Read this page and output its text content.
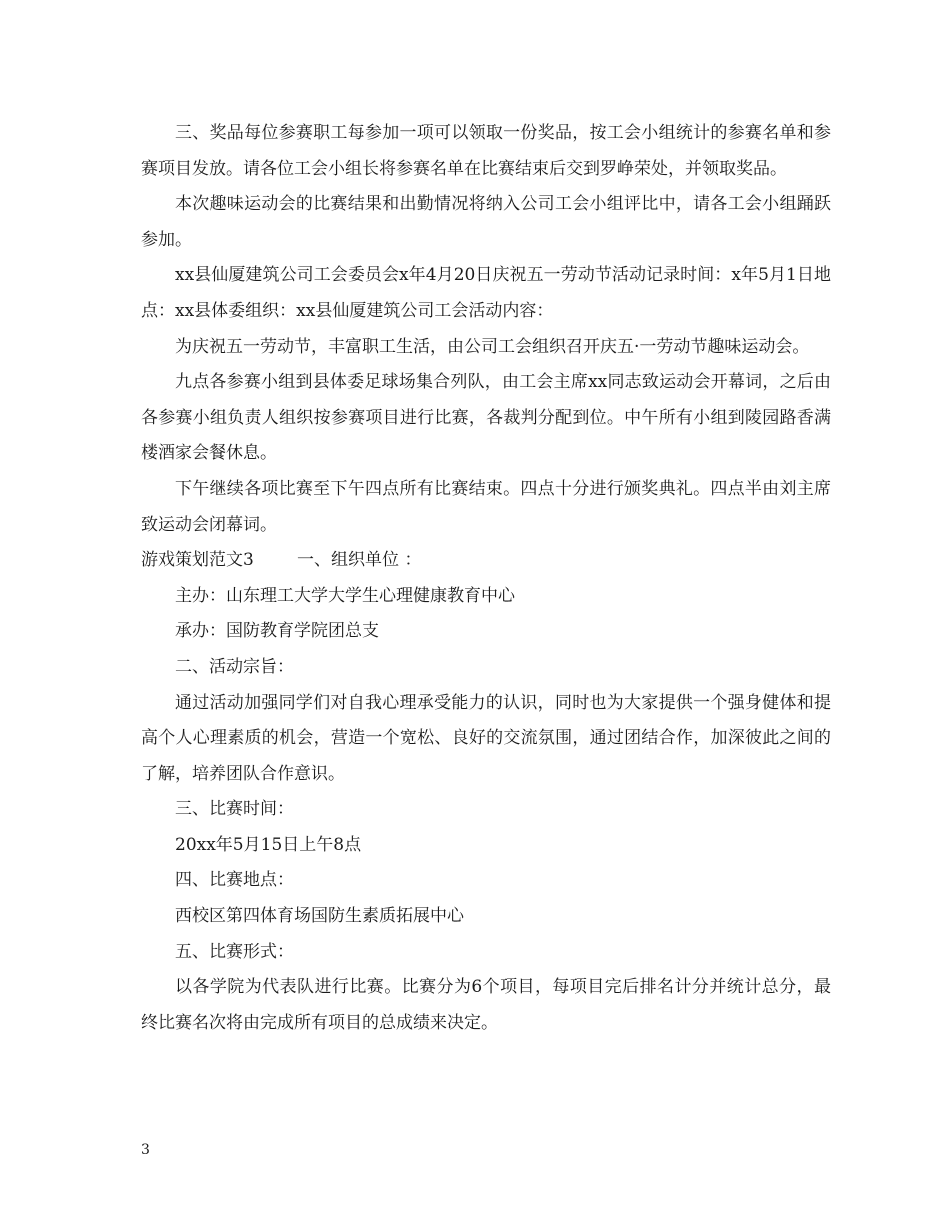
三、奖品每位参赛职工每参加一项可以领取一份奖品，按工会小组统计的参赛名单和参赛项目发放。请各位工会小组长将参赛名单在比赛结束后交到罗峥荣处，并领取奖品。

本次趣味运动会的比赛结果和出勤情况将纳入公司工会小组评比中，请各工会小组踊跃参加。

xx县仙厦建筑公司工会委员会x年4月20日庆祝五一劳动节活动记录时间：x年5月1日地点：xx县体委组织：xx县仙厦建筑公司工会活动内容：

为庆祝五一劳动节，丰富职工生活，由公司工会组织召开庆五·一劳动节趣味运动会。

九点各参赛小组到县体委足球场集合列队，由工会主席xx同志致运动会开幕词，之后由各参赛小组负责人组织按参赛项目进行比赛，各裁判分配到位。中午所有小组到陵园路香满楼酒家会餐休息。

下午继续各项比赛至下午四点所有比赛结束。四点十分进行颁奖典礼。四点半由刘主席致运动会闭幕词。

游戏策划范文3        一、组织单位 ：

主办：山东理工大学大学生心理健康教育中心

承办：国防教育学院团总支

二、活动宗旨：

通过活动加强同学们对自我心理承受能力的认识，同时也为大家提供一个强身健体和提高个人心理素质的机会，营造一个宽松、良好的交流氛围，通过团结合作，加深彼此之间的了解，培养团队合作意识。

三、比赛时间：

20xx年5月15日上午8点

四、比赛地点：

西校区第四体育场国防生素质拓展中心

五、比赛形式：

以各学院为代表队进行比赛。比赛分为6个项目，每项目完后排名计分并统计总分，最终比赛名次将由完成所有项目的总成绩来决定。

3
